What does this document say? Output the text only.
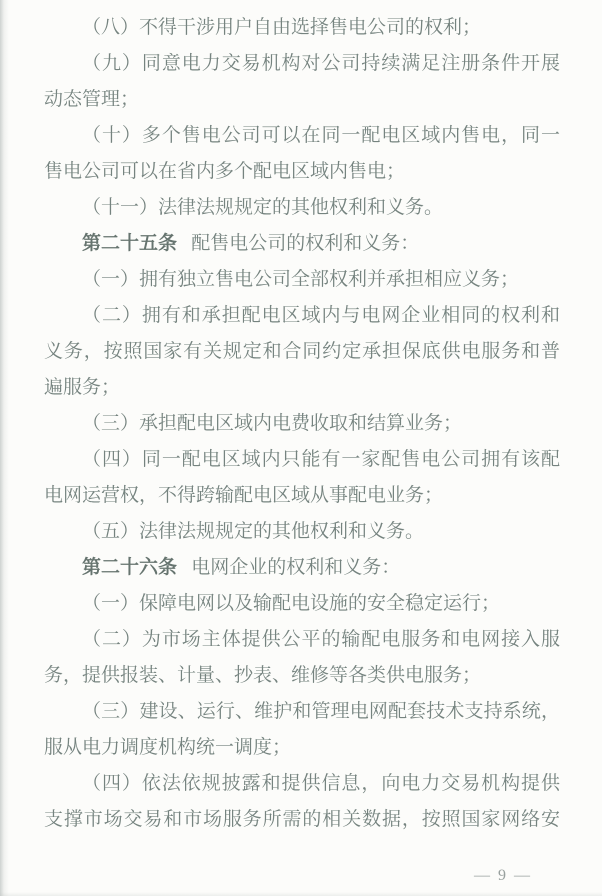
（八）不得干涉用户自由选择售电公司的权利；

（九）同意电力交易机构对公司持续满足注册条件开展
动态管理；

（十）多个售电公司可以在同一配电区域内售电，同一
售电公司可以在省内多个配电区域内售电；

（十一）法律法规规定的其他权利和义务。

第二十五条 配售电公司的权利和义务：

（一）拥有独立售电公司全部权利并承担相应义务；

（二）拥有和承担配电区域内与电网企业相同的权利和
义务，按照国家有关规定和合同约定承担保底供电服务和普
遍服务；

（三）承担配电区域内电费收取和结算业务；

（四）同一配电区域内只能有一家配售电公司拥有该配
电网运营权，不得跨输配电区域从事配电业务；

（五）法律法规规定的其他权利和义务。

第二十六条 电网企业的权利和义务：

（一）保障电网以及输配电设施的安全稳定运行；

（二）为市场主体提供公平的输配电服务和电网接入服
务，提供报装、计量、抄表、维修等各类供电服务；

（三）建设、运行、维护和管理电网配套技术支持系统，
服从电力调度机构统一调度；

（四）依法依规披露和提供信息，向电力交易机构提供
支撑市场交易和市场服务所需的相关数据，按照国家网络安

— 9 —
